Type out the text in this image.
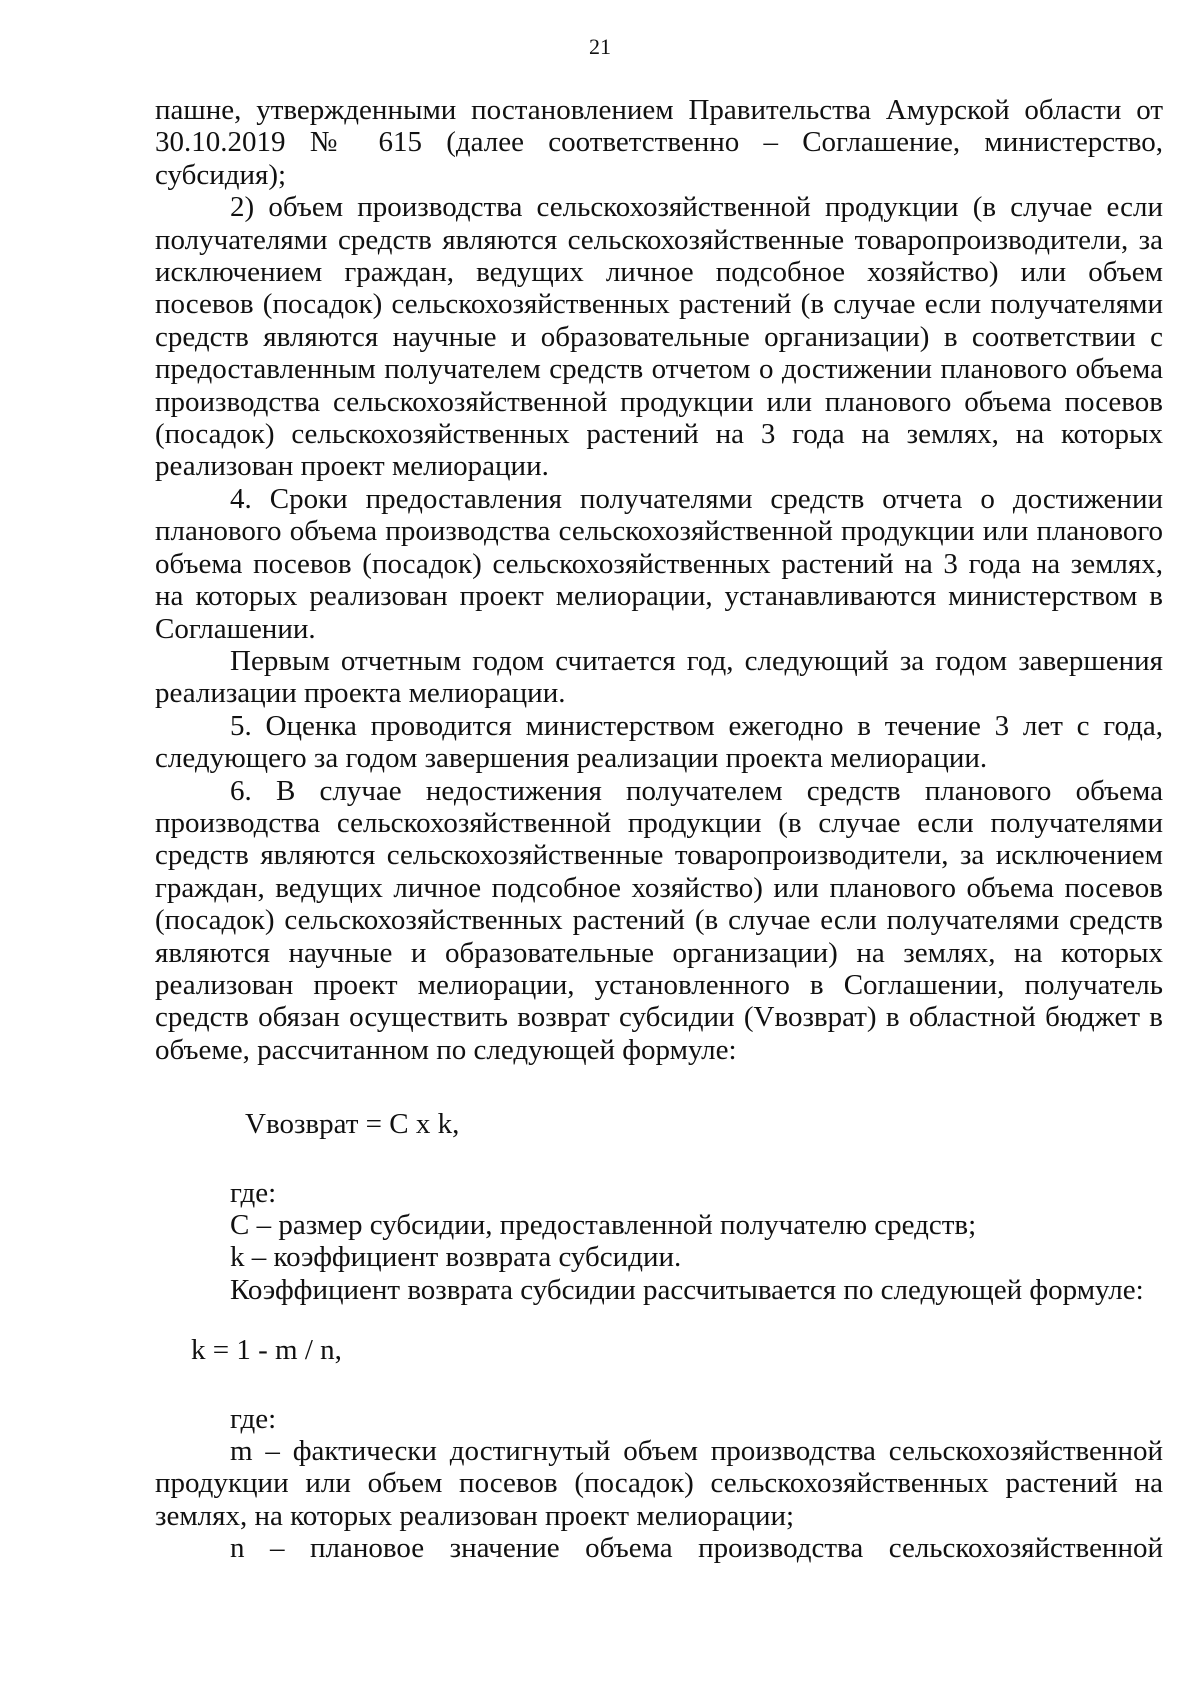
21

пашне, утвержденными постановлением Правительства Амурской области от 30.10.2019 № 615 (далее соответственно – Соглашение, министерство, субсидия);

2) объем производства сельскохозяйственной продукции (в случае если получателями средств являются сельскохозяйственные товаропроизводители, за исключением граждан, ведущих личное подсобное хозяйство) или объем посевов (посадок) сельскохозяйственных растений (в случае если получателями средств являются научные и образовательные организации) в соответствии с предоставленным получателем средств отчетом о достижении планового объема производства сельскохозяйственной продукции или планового объема посевов (посадок) сельскохозяйственных растений на 3 года на землях, на которых реализован проект мелиорации.

4. Сроки предоставления получателями средств отчета о достижении планового объема производства сельскохозяйственной продукции или планового объема посевов (посадок) сельскохозяйственных растений на 3 года на землях, на которых реализован проект мелиорации, устанавливаются министерством в Соглашении.

Первым отчетным годом считается год, следующий за годом завершения реализации проекта мелиорации.

5. Оценка проводится министерством ежегодно в течение 3 лет с года, следующего за годом завершения реализации проекта мелиорации.

6. В случае недостижения получателем средств планового объема производства сельскохозяйственной продукции (в случае если получателями средств являются сельскохозяйственные товаропроизводители, за исключением граждан, ведущих личное подсобное хозяйство) или планового объема посевов (посадок) сельскохозяйственных растений (в случае если получателями средств являются научные и образовательные организации) на землях, на которых реализован проект мелиорации, установленного в Соглашении, получатель средств обязан осуществить возврат субсидии (Vвозврат) в областной бюджет в объеме, рассчитанном по следующей формуле:

Vвозврат = C x k,

где:

C – размер субсидии, предоставленной получателю средств;

k – коэффициент возврата субсидии.

Коэффициент возврата субсидии рассчитывается по следующей формуле:

k = 1 - m / n,

где:

m – фактически достигнутый объем производства сельскохозяйственной продукции или объем посевов (посадок) сельскохозяйственных растений на землях, на которых реализован проект мелиорации;

n – плановое значение объема производства сельскохозяйственной
